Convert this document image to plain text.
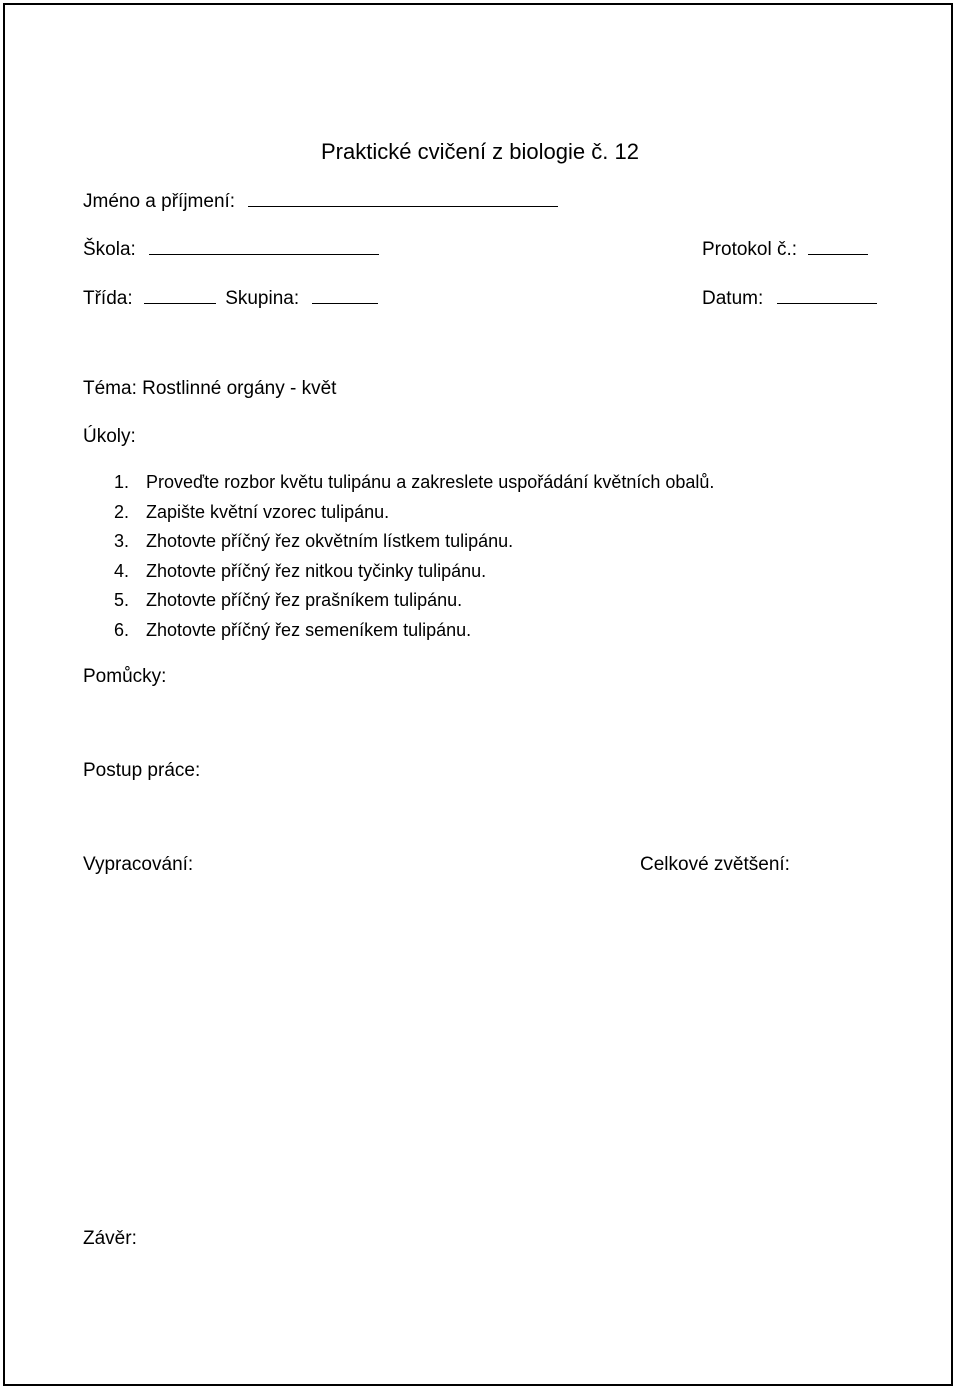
Praktické cvičení z biologie č. 12
Jméno a příjmení:
Škola:	Protokol č.:
Třída:	Skupina:	Datum:
Téma: Rostlinné orgány - květ
Úkoly:
1. Proveďte rozbor květu tulipánu a zakreslete uspořádání květních obalů.
2. Zapište květní vzorec tulipánu.
3. Zhotovte příčný řez okvětním lístkem tulipánu.
4. Zhotovte příčný řez nitkou tyčinky tulipánu.
5. Zhotovte příčný řez prašníkem tulipánu.
6. Zhotovte příčný řez semeníkem tulipánu.
Pomůcky:
Postup práce:
Vypracování:	Celkové zvětšení:
Závěr:
